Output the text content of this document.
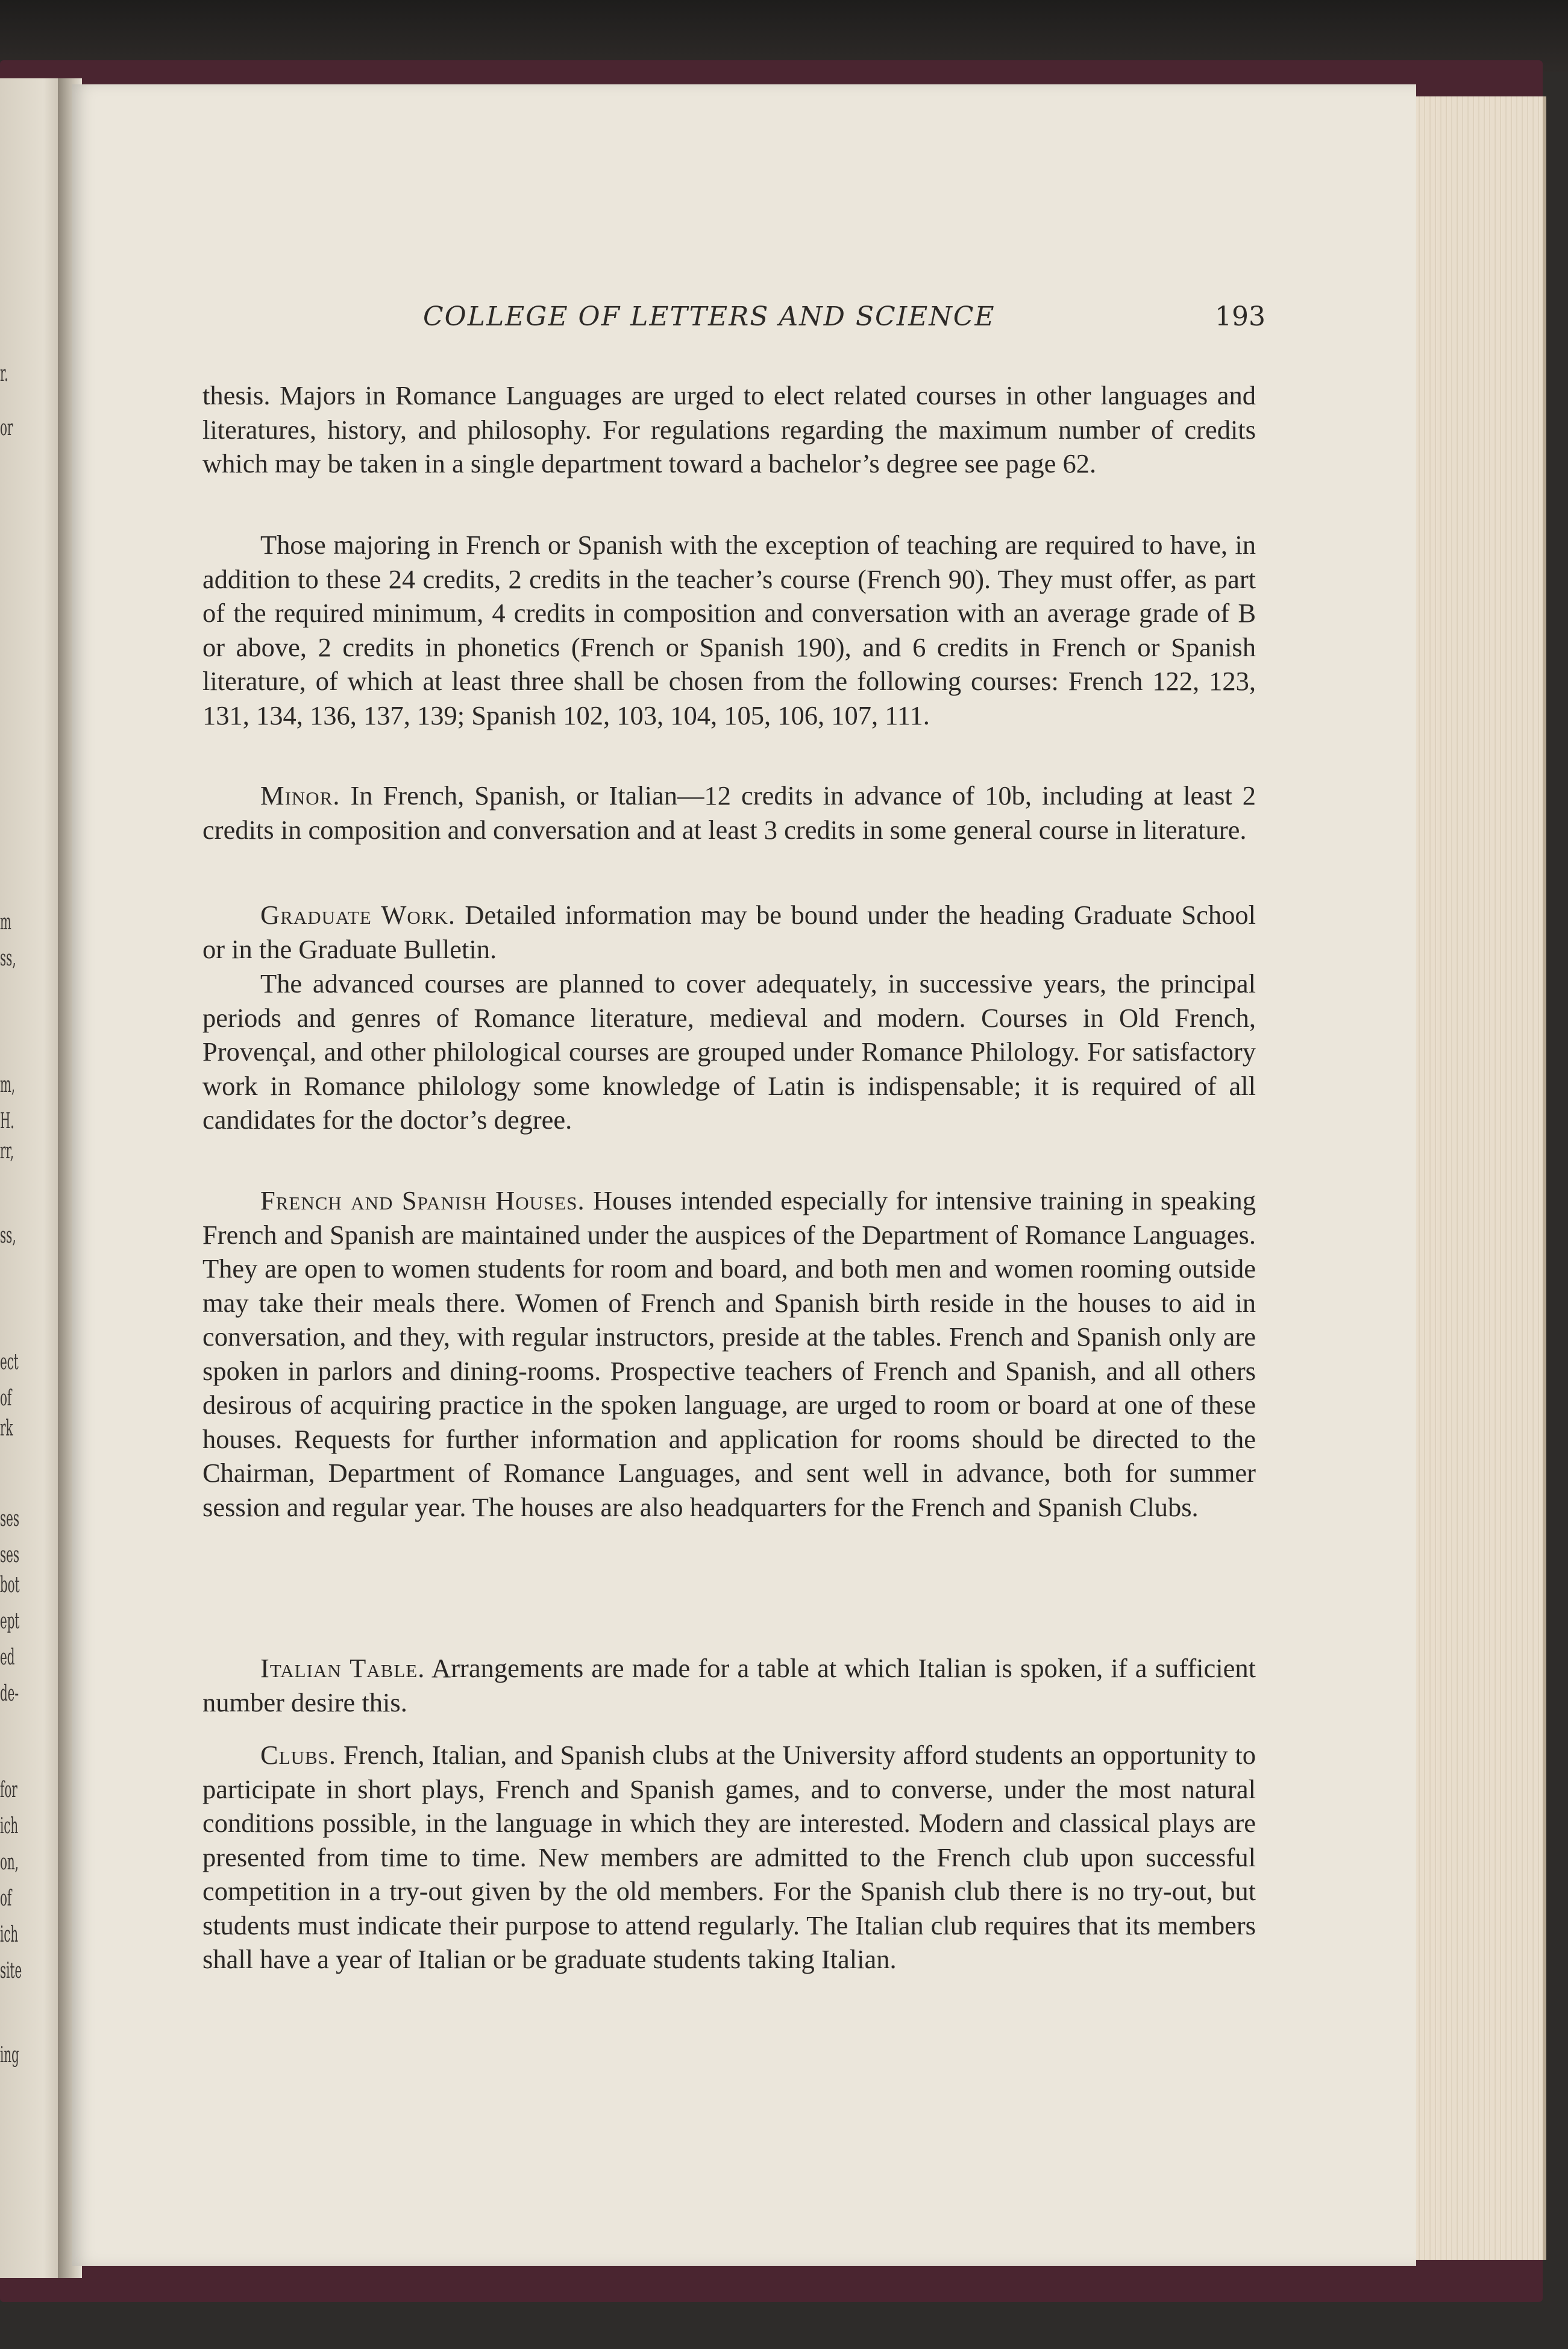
r.
or
m
ss,
m,
H.
rr,
ss,
ect
of
rk
ses
ses
bot
ept
ed
de-
for
ich
on,
of
ich
site
ing
COLLEGE OF LETTERS AND SCIENCE	193

thesis. Majors in Romance Languages are urged to elect related courses in other languages and literatures, history, and philosophy. For regulations regarding the maximum number of credits which may be taken in a single department toward a bachelor’s degree see page 62.

Those majoring in French or Spanish with the exception of teaching are required to have, in addition to these 24 credits, 2 credits in the teacher’s course (French 90). They must offer, as part of the required minimum, 4 credits in composition and conversation with an average grade of B or above, 2 credits in phonetics (French or Spanish 190), and 6 credits in French or Spanish literature, of which at least three shall be chosen from the following courses: French 122, 123, 131, 134, 136, 137, 139; Spanish 102, 103, 104, 105, 106, 107, 111.

Minor. In French, Spanish, or Italian—12 credits in advance of 10b, including at least 2 credits in composition and conversation and at least 3 credits in some general course in literature.

Graduate Work. Detailed information may be bound under the heading Graduate School or in the Graduate Bulletin.

The advanced courses are planned to cover adequately, in successive years, the principal periods and genres of Romance literature, medieval and modern. Courses in Old French, Provençal, and other philological courses are grouped under Romance Philology. For satisfactory work in Romance philology some knowledge of Latin is indispensable; it is required of all candidates for the doctor’s degree.

French and Spanish Houses. Houses intended especially for intensive training in speaking French and Spanish are maintained under the auspices of the Department of Romance Languages. They are open to women students for room and board, and both men and women rooming outside may take their meals there. Women of French and Spanish birth reside in the houses to aid in conversation, and they, with regular instructors, preside at the tables. French and Spanish only are spoken in parlors and dining-rooms. Prospective teachers of French and Spanish, and all others desirous of acquiring practice in the spoken language, are urged to room or board at one of these houses. Requests for further information and application for rooms should be directed to the Chairman, Department of Romance Languages, and sent well in advance, both for summer session and regular year. The houses are also headquarters for the French and Spanish Clubs.

Italian Table. Arrangements are made for a table at which Italian is spoken, if a sufficient number desire this.

Clubs. French, Italian, and Spanish clubs at the University afford students an opportunity to participate in short plays, French and Spanish games, and to converse, under the most natural conditions possible, in the language in which they are interested. Modern and classical plays are presented from time to time. New members are admitted to the French club upon successful competition in a try-out given by the old members. For the Spanish club there is no try-out, but students must indicate their purpose to attend regularly. The Italian club requires that its members shall have a year of Italian or be graduate students taking Italian.
